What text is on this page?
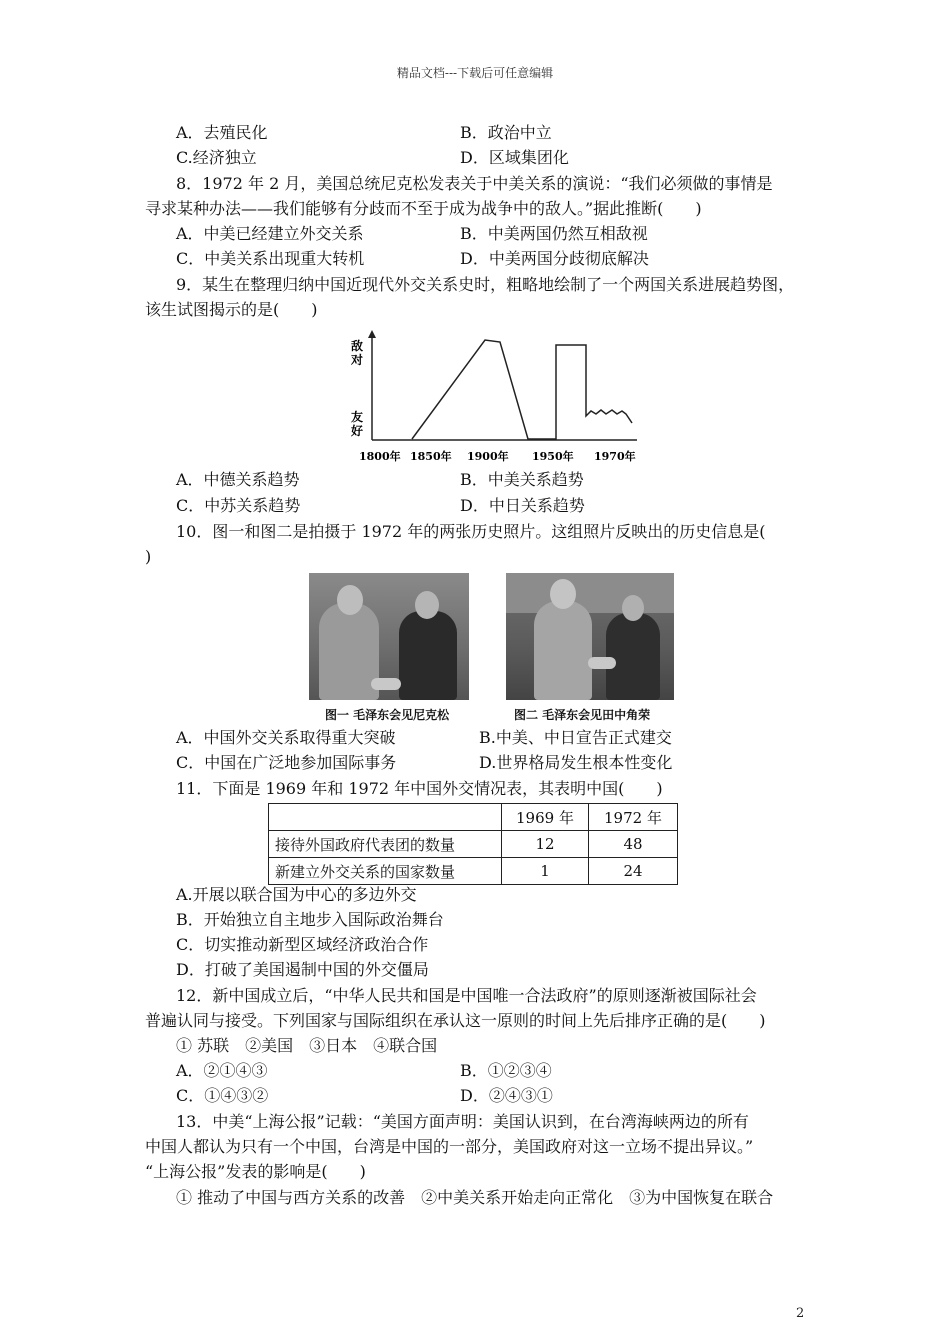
精品文档---下载后可任意编辑
A．去殖民化	B．政治中立
C.经济独立	D．区域集团化
8．1972 年 2 月，美国总统尼克松发表关于中美关系的演说：“我们必须做的事情是
寻求某种办法——我们能够有分歧而不至于成为战争中的敌人。”据此推断(　　)
A．中美已经建立外交关系	B．中美两国仍然互相敌视
C．中美关系出现重大转机	D．中美两国分歧彻底解决
9．某生在整理归纳中国近现代外交关系史时，粗略地绘制了一个两国关系进展趋势图，
该生试图揭示的是(　　)
敌
对
友
好
1800年 1850年 1900年 1950年 1970年
A．中德关系趋势	B．中美关系趋势
C．中苏关系趋势	D．中日关系趋势
10．图一和图二是拍摄于 1972 年的两张历史照片。这组照片反映出的历史信息是(
)
图一 毛泽东会见尼克松	图二 毛泽东会见田中角荣
A．中国外交关系取得重大突破	B.中美、中日宣告正式建交
C．中国在广泛地参加国际事务	D.世界格局发生根本性变化
11．下面是 1969 年和 1972 年中国外交情况表，其表明中国(　　)
	1969 年	1972 年
接待外国政府代表团的数量	12	48
新建立外交关系的国家数量	1	24
A.开展以联合国为中心的多边外交
B．开始独立自主地步入国际政治舞台
C．切实推动新型区域经济政治合作
D．打破了美国遏制中国的外交僵局
12．新中国成立后，“中华人民共和国是中国唯一合法政府”的原则逐渐被国际社会
普遍认同与接受。下列国家与国际组织在承认这一原则的时间上先后排序正确的是(　　)
① 苏联　②美国　③日本　④联合国
A．②①④③	B．①②③④
C．①④③②	D．②④③①
13．中美“上海公报”记载：“美国方面声明：美国认识到，在台湾海峡两边的所有
中国人都认为只有一个中国，台湾是中国的一部分，美国政府对这一立场不提出异议。”
“上海公报”发表的影响是(　　)
① 推动了中国与西方关系的改善　②中美关系开始走向正常化　③为中国恢复在联合
2
